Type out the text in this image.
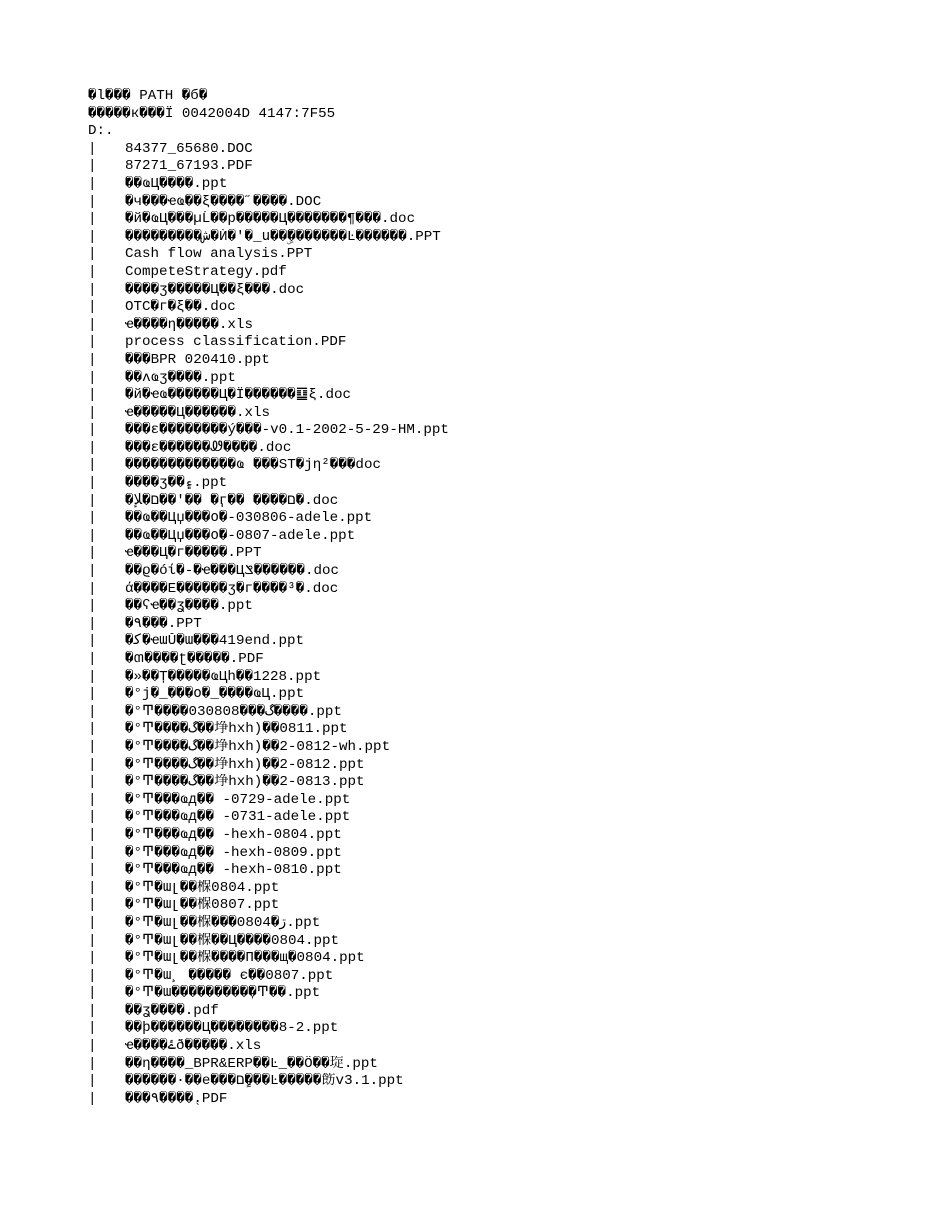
�l��� PATH �б�
�����к���Ї 0042004D 4147:7F55
D:.
|	84377_65680.DOC
|	87271_67193.PDF
|	��ҩЦ����.ppt
|	�ч���ҽҩ��ξ����˝����.DOC
|	�й�ҩЦ���µĹ��р�����Ц�������¶���.doc
|	���������ش�Ѝ�'�_ս��ۣ֞�������Ŀ������.PPT
|	Cash flow analysis.PPT
|	CompeteStrategy.pdf
|	����ʒ�����Ц��ξ���.doc
|	OTC�г�ξ��.doc
|	ҽ����η�����.xls
|	process classification.PDF
|	���BPR 020410.ppt
|	��ʌҩʒ����.ppt
|	�й�ҽҩ������Ц�Ї������䷨ξ.doc
|	ҽ�����Ц������.xls
|	���ԑ��������ý���-v0.1-2002-5-29-HM.ppt
|	���ԑ������Ꮺ����.doc
|	�������������ҩ ���ST�jη²���doc
|	����ʒ��۽.ppt
|	�ם�ﻺ��'�� �ӷ�� ����ם�.doc
|	��ҩ��Цџ���օ�-030806-adele.ppt
|	��ҩ��Цџ���օ�-0807-adele.ppt
|	ҽ���Ц�г�����.PPT
|	��ϱ�óί�-�ҽ���Цݏ������.doc
|	ά����Ε������ʒ�г����³�.doc
|	��ʕҽ��ʓ����.ppt
|	�٩���.PPT
|	�ﮐ�ҽաŬ�ա���419end.ppt
|	�ຓ����ʈ�����.PDF
|	�»��Ț�����ҩЦh��1228.ppt
|	�°j�_���օ�_����ҩЦ.ppt
|	�°Ͳ����030808���گ����.ppt
|	�°Ͳ����گ��埩hxh)��0811.ppt
|	�°Ͳ����گ��埩hxh)��2-0812-wh.ppt
|	�°Ͳ����گ��埩hxh)��2-0812.ppt
|	�°Ͳ����گ��埩hxh)��2-0813.ppt
|	�°Ͳ���ҩд�� -0729-adele.ppt
|	�°Ͳ���ҩд�� -0731-adele.ppt
|	�°Ͳ���ҩд�� -hexh-0804.ppt
|	�°Ͳ���ҩд�� -hexh-0809.ppt
|	�°Ͳ���ҩд�� -hexh-0810.ppt
|	�°Ͳ�ալ��椺0804.ppt
|	�°Ͳ�ալ��椺0807.ppt
|	�°Ͳ�ալ��椺���0804�ڗ.ppt
|	�°Ͳ�ալ��椺��Ц����0804.ppt
|	�°Ͳ�ալ��椺����Π���щ�0804.ppt
|	�°Ͳ�ա¸ ����� є��0807.ppt
|	�°Ͳ�ա���������ֽ�Ͳ��.ppt
|	��ʓ����.pdf
|	��þ������Ц��������8-2.ppt
|	ҽ����ۓð�����.xls
|	��η����_BPR&ERP��Ŀ_��Ö��琁.ppt
|	������·��е���ם�ٍ��Ŀ�����飭v3.1.ppt
|	���٩����֖.PDF
